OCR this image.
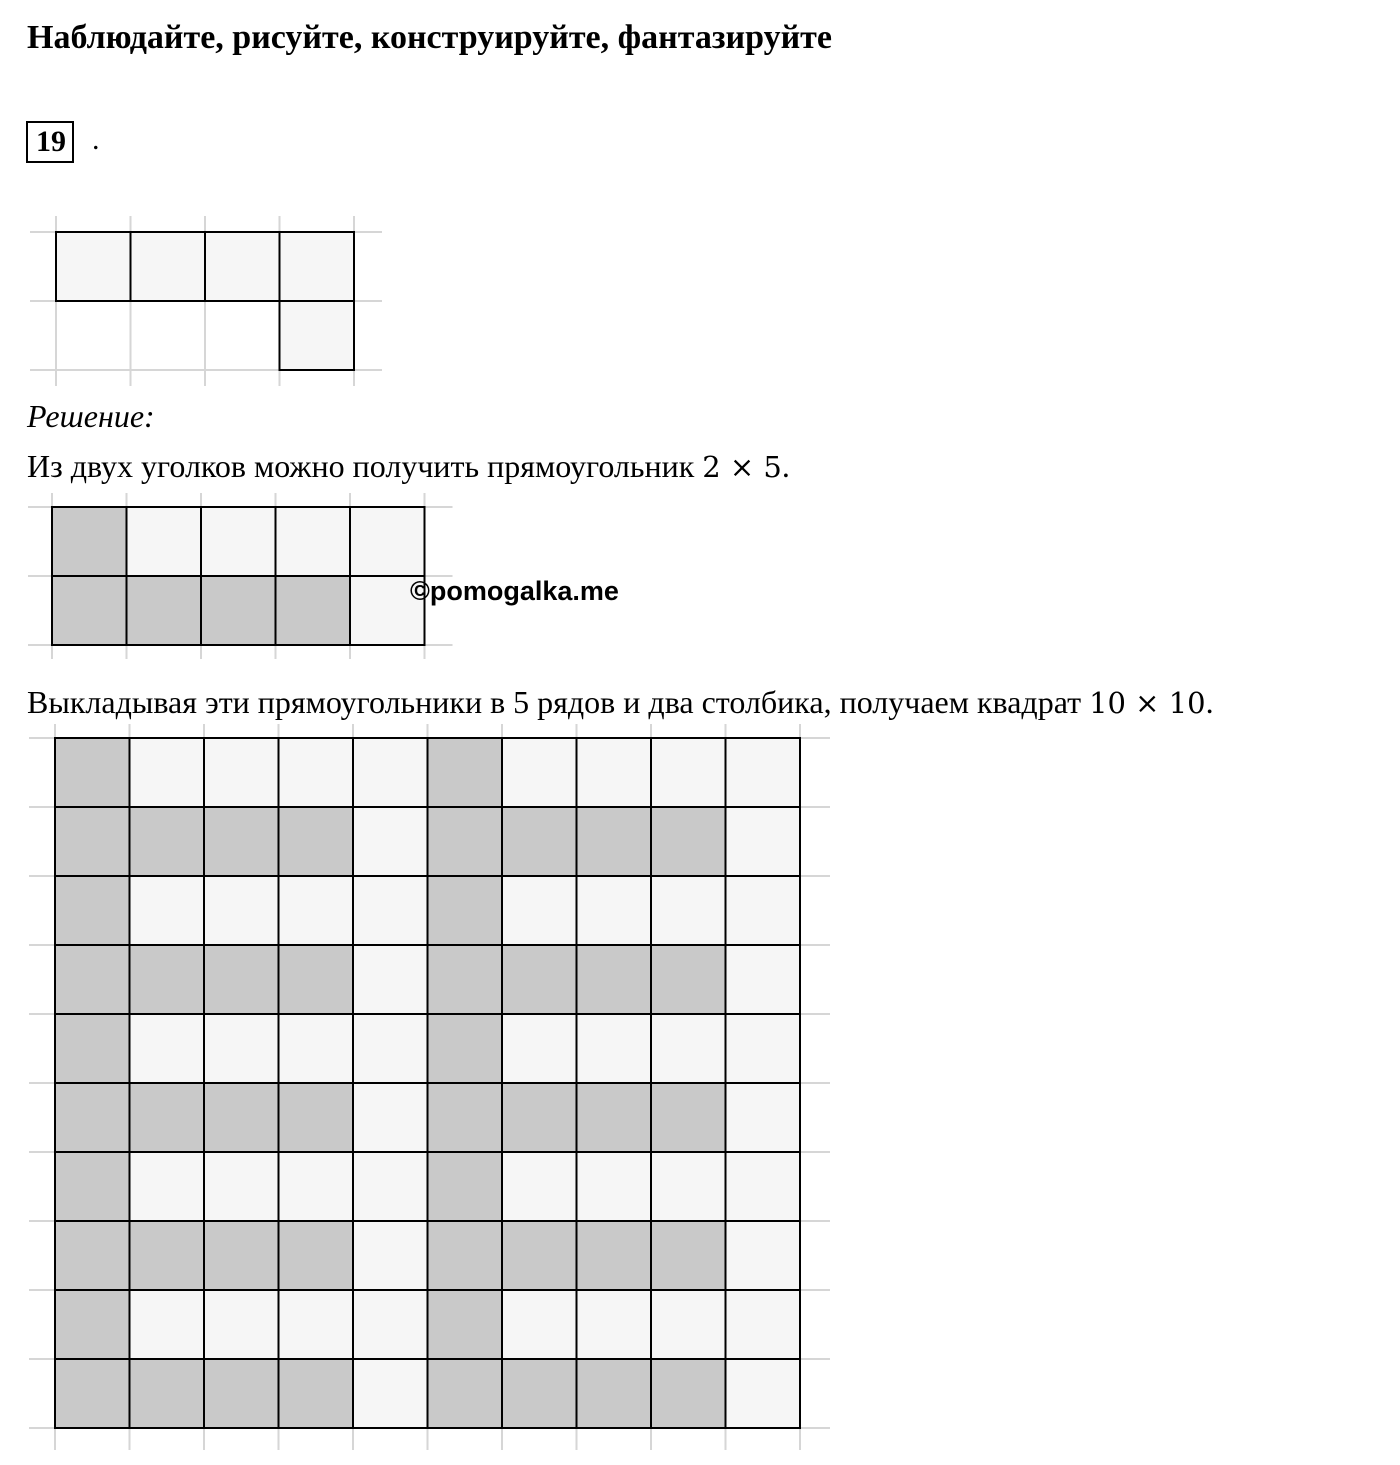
Наблюдайте, рисуйте, конструируйте, фантазируйте
19 .
Решение:
Из двух уголков можно получить прямоугольник 2 × 5.
Выкладывая эти прямоугольники в 5 рядов и два столбика, получаем квадрат 10 × 10.
©pomogalka.me
